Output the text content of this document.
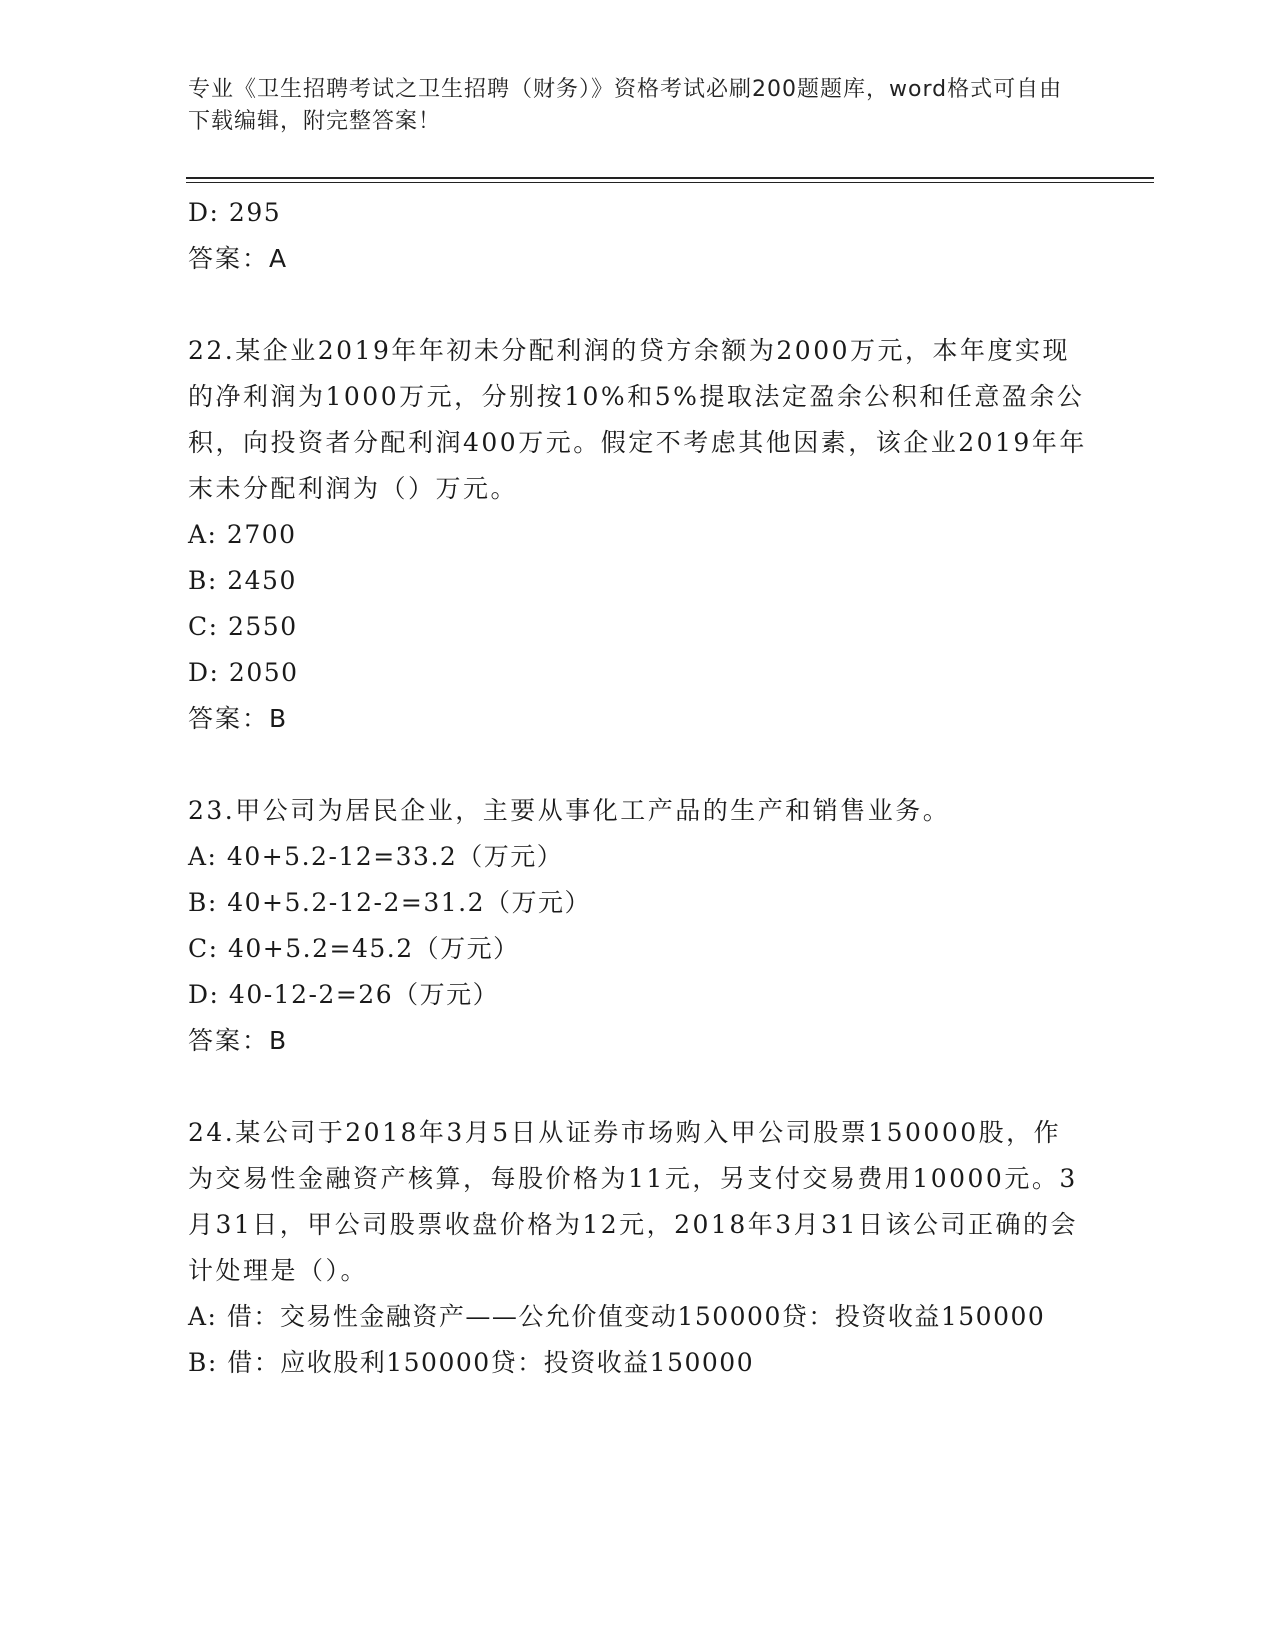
专业《卫生招聘考试之卫生招聘（财务）》资格考试必刷200题题库，word格式可自由下载编辑，附完整答案！
D: 295
答案：A
22.某企业2019年年初未分配利润的贷方余额为2000万元，本年度实现的净利润为1000万元，分别按10%和5%提取法定盈余公积和任意盈余公积，向投资者分配利润400万元。假定不考虑其他因素，该企业2019年年末未分配利润为（）万元。
A: 2700
B: 2450
C: 2550
D: 2050
答案：B
23.甲公司为居民企业，主要从事化工产品的生产和销售业务。
A: 40+5.2-12=33.2（万元）
B: 40+5.2-12-2=31.2（万元）
C: 40+5.2=45.2（万元）
D: 40-12-2=26（万元）
答案：B
24.某公司于2018年3月5日从证券市场购入甲公司股票150000股，作为交易性金融资产核算，每股价格为11元，另支付交易费用10000元。3月31日，甲公司股票收盘价格为12元，2018年3月31日该公司正确的会计处理是（）。
A: 借：交易性金融资产——公允价值变动150000贷：投资收益150000
B: 借：应收股利150000贷：投资收益150000
